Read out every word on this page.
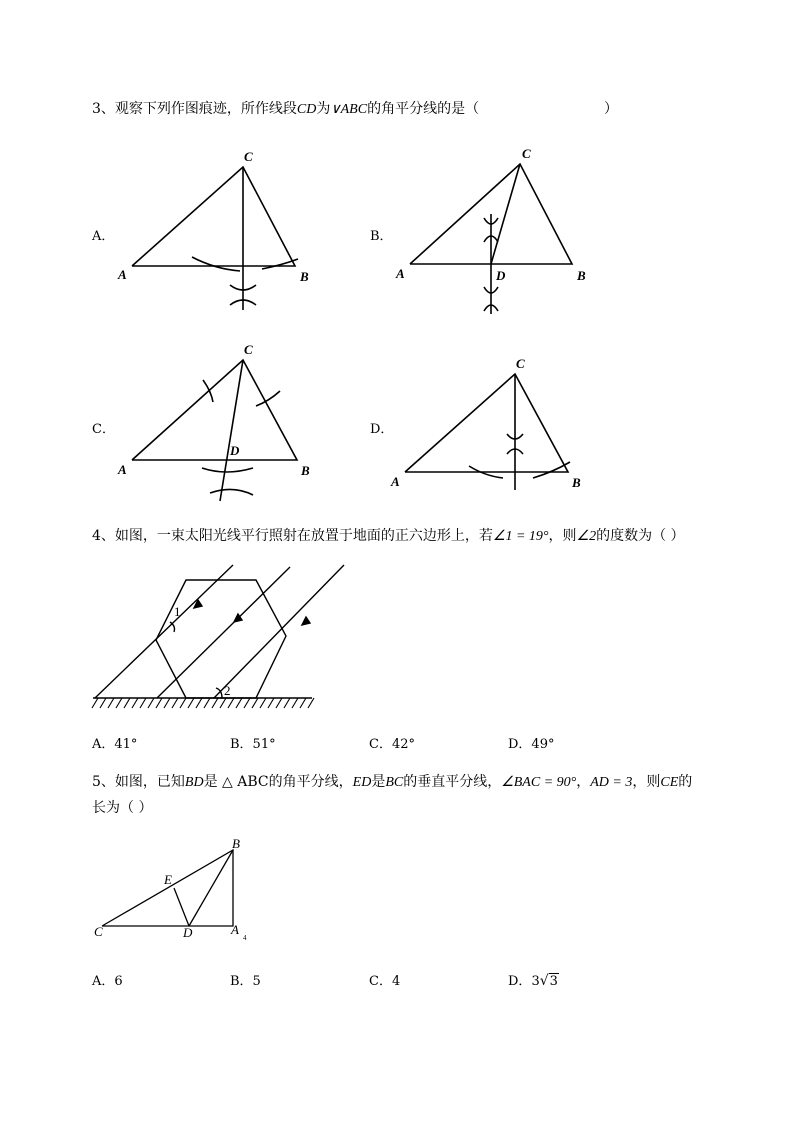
3、观察下列作图痕迹，所作线段CD为∨ABC的角平分线的是（	）
A．	B．
C．	D．
C
A	B
C
A	D	B
C
A
D
B
C
A	B
4、如图，一束太阳光线平行照射在放置于地面的正六边形上，若∠1 = 19°，则∠2的度数为（ ）
1
2
A．41°	B．51°	C．42°	D．49°
5、如图，已知BD是 △ ABC的角平分线，ED是BC的垂直平分线，∠BAC = 90°，AD = 3，则CE的
长为（ ）
B
E
C	D	A
4
A．6	B．5	C．4	D．3√3
